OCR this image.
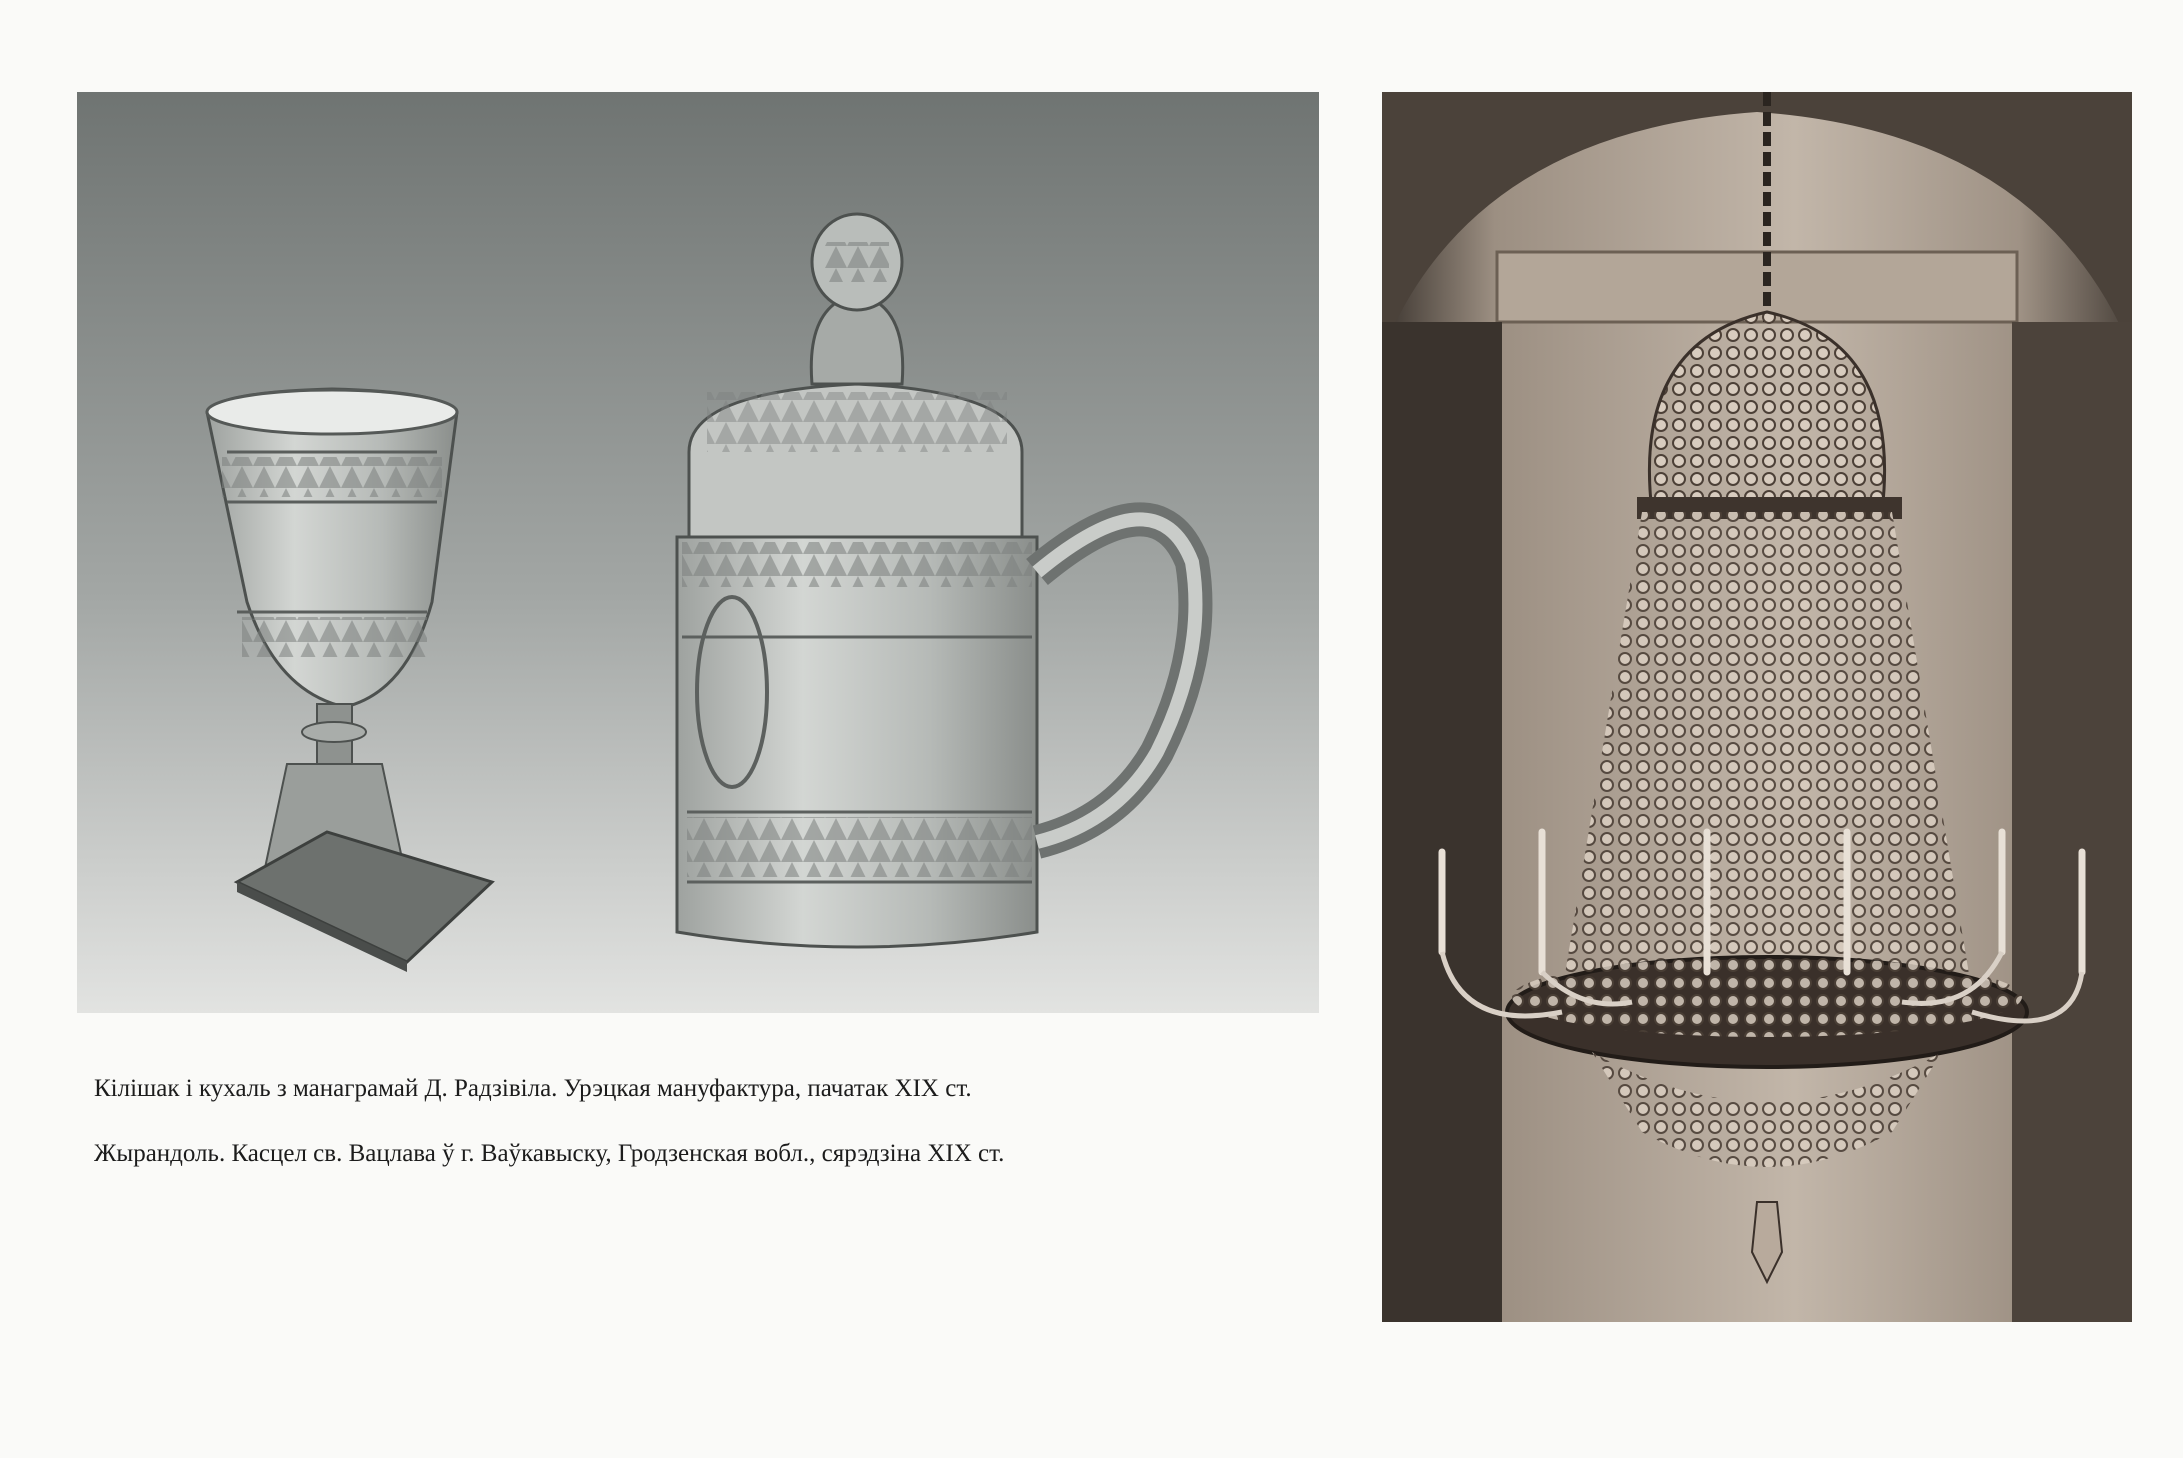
Кілішак і кухаль з манаграмай Д. Радзівіла. Урэцкая мануфактура, пачатак XIX ст.
Жырандоль. Касцел св. Вацлава ў г. Ваўкавыску, Гродзенская вобл., сярэдзіна XIX ст.
